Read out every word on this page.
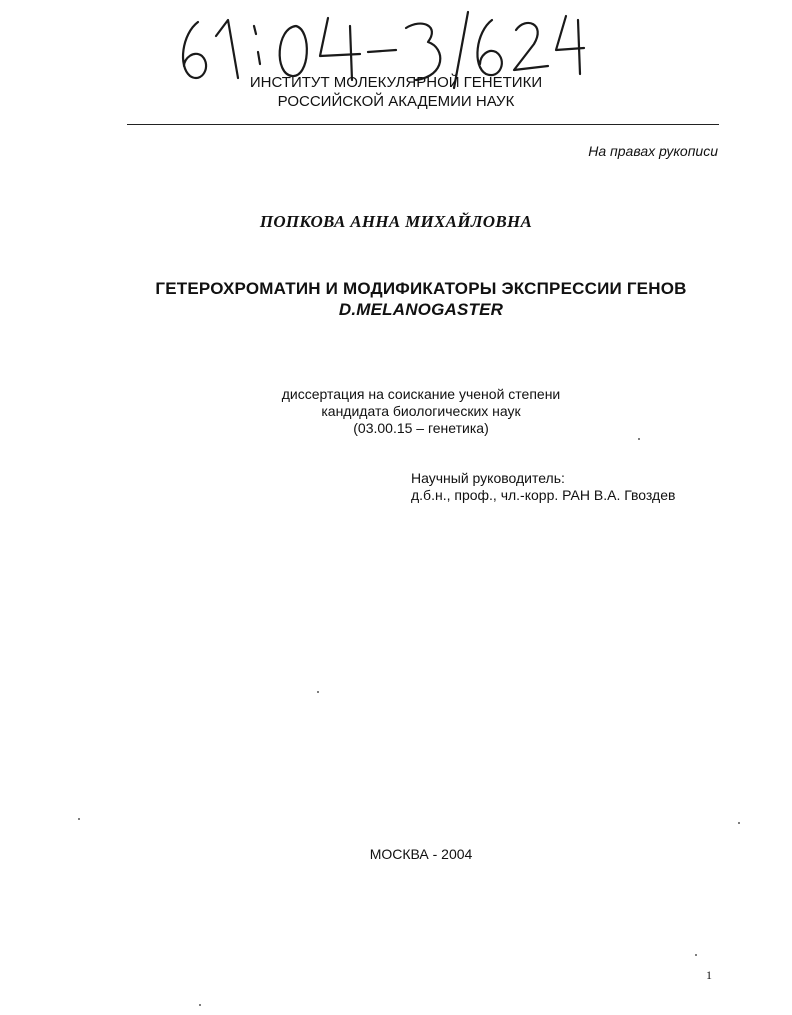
ИНСТИТУТ МОЛЕКУЛЯРНОЙ ГЕНЕТИКИ
РОССИЙСКОЙ АКАДЕМИИ НАУК
На правах рукописи
ПОПКОВА АННА МИХАЙЛОВНА
ГЕТЕРОХРОМАТИН И МОДИФИКАТОРЫ ЭКСПРЕССИИ ГЕНОВ
D.MELANOGASTER
диссертация на соискание ученой степени
кандидата биологических наук
(03.00.15 – генетика)
Научный руководитель:
д.б.н., проф., чл.-корр. РАН В.А. Гвоздев
МОСКВА - 2004
1
